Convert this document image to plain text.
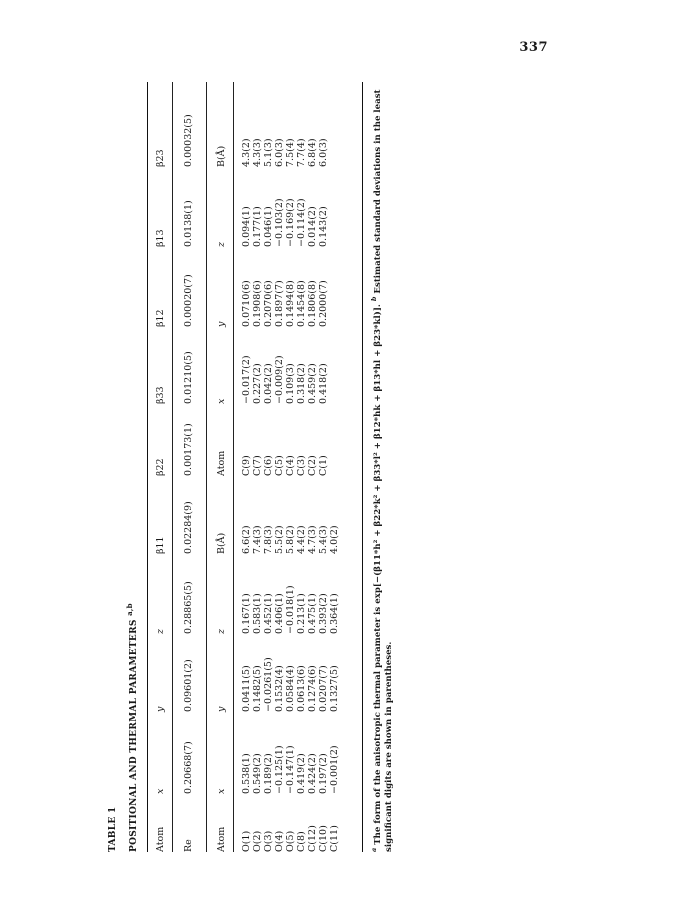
337
TABLE 1	POSITIONAL AND THERMAL PARAMETERS $^{a,b}$
Atom
x
y
z
β11
β22
β33
β12
β13
β23
Re
0.20668(7)
0.09601(2)
0.28865(5)
0.02284(9)
0.00173(1)
0.01210(5)
0.00020(7)
0.0138(1)
0.00032(5)
Atom
x
y
z
B(Å)
Atom
x
y
z
B(Å)
O(1) O(2) O(3) O(4) O(5) C(8) C(12) C(10) C(11)
0.538(1) 0.549(2) 0.189(2) −0.125(1) −0.147(1) 0.419(2) 0.424(2) 0.197(2) −0.001(2)
0.0411(5) 0.1482(5) −0.0261(5) 0.1532(4) 0.0584(4) 0.0613(6) 0.1274(6) 0.0207(7) 0.1327(5)
0.167(1) 0.583(1) 0.452(1) 0.406(1) −0.018(1) 0.213(1) 0.475(1) 0.393(2) 0.364(1)
6.6(2) 7.4(3) 7.8(3) 5.5(2) 5.8(2) 4.4(2) 4.7(3) 5.4(3) 4.0(2)
C(9) C(7) C(6) C(5) C(4) C(3) C(2) C(1)
−0.017(2) 0.227(2) 0.042(2) −0.009(2) 0.109(3) 0.318(2) 0.459(2) 0.418(2)
0.0710(6) 0.1908(6) 0.2070(6) 0.1897(7) 0.1494(8) 0.1454(8) 0.1806(8) 0.2000(7)
0.094(1) 0.177(1) 0.046(1) −0.103(2) −0.169(2) −0.114(2) 0.014(2) 0.143(2)
4.3(2) 4.3(3) 5.1(3) 6.0(3) 7.5(4) 7.7(4) 6.8(4) 6.0(3)
$^a$ The form of the anisotropic thermal parameter is exp[−(β11*h² + β22*k² + β33*l² + β12*hk + β13*hl + β23*kl)]. $^b$ Estimated standard deviations in the least
significant digits are shown in parentheses.
